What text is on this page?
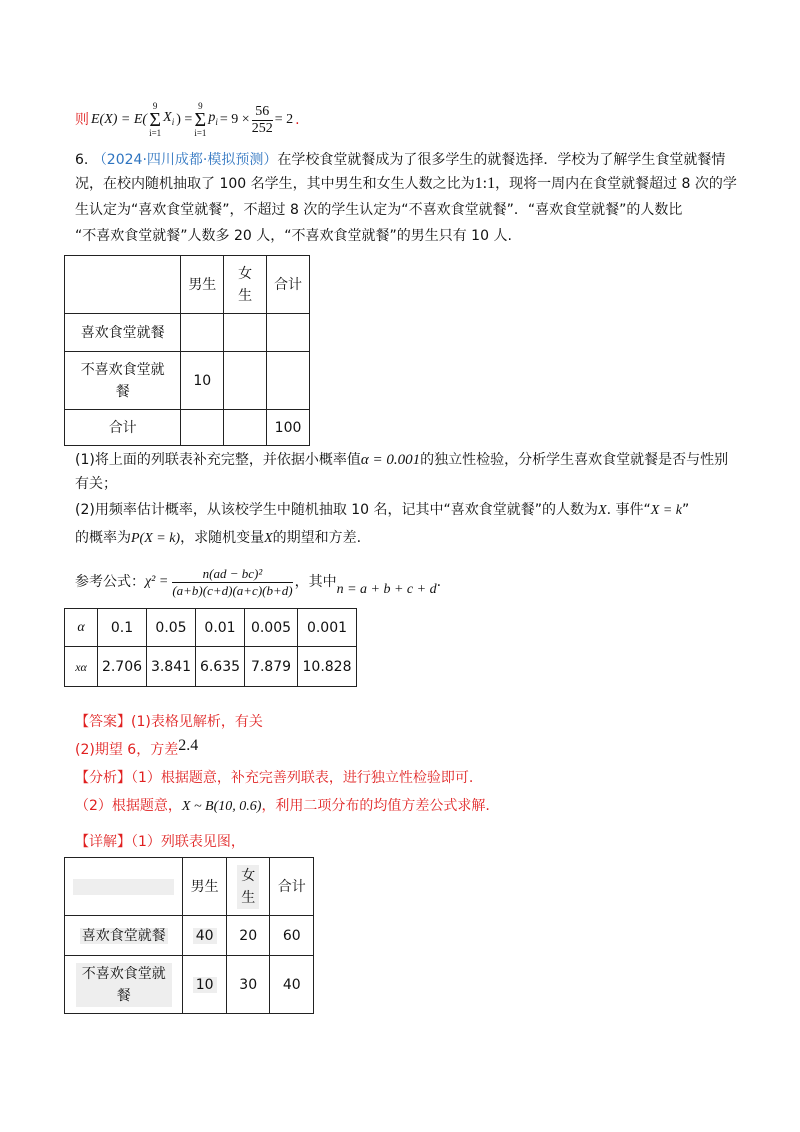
则 E(X) = E(
9
Σ
i=1
$X_i$ ) =
9
Σ
i=1
$p_i = 9 \times \frac{56}{252} = 2$ .
6. （2024·四川成都·模拟预测）在学校食堂就餐成为了很多学生的就餐选择．学校为了解学生食堂就餐情
况，在校内随机抽取了 100 名学生，其中男生和女生人数之比为1:1，现将一周内在食堂就餐超过 8 次的学
生认定为“喜欢食堂就餐”，不超过 8 次的学生认定为“不喜欢食堂就餐”．“喜欢食堂就餐”的人数比
“不喜欢食堂就餐”人数多 20 人，“不喜欢食堂就餐”的男生只有 10 人.
	男生	女
生	合计
喜欢食堂就餐			
不喜欢食堂就
餐	10		
合计			100
(1)将上面的列联表补充完整，并依据小概率值α = 0.001的独立性检验，分析学生喜欢食堂就餐是否与性别
有关；
(2)用频率估计概率，从该校学生中随机抽取 10 名，记其中“喜欢食堂就餐”的人数为X. 事件“X = k”
的概率为P(X = k)，求随机变量X的期望和方差.
参考公式： $\chi^2 = \frac{\text{n(ad − bc)²}}{(a+b)(c+d)(a+c)(b+d)}$ ，其中 n = a + b + c + d .
α	0.1	0.05	0.01	0.005	0.001
xα	2.706	3.841	6.635	7.879	10.828
【答案】(1)表格见解析，有关
(2)期望 6，方差2.4
【分析】（1）根据题意，补充完善列联表，进行独立性检验即可.
（2）根据题意，X ~ B(10, 0.6)，利用二项分布的均值方差公式求解.
【详解】（1）列联表见图，
	男生	女
生	合计
喜欢食堂就餐	40	20	60
不喜欢食堂就
餐	10	30	40
